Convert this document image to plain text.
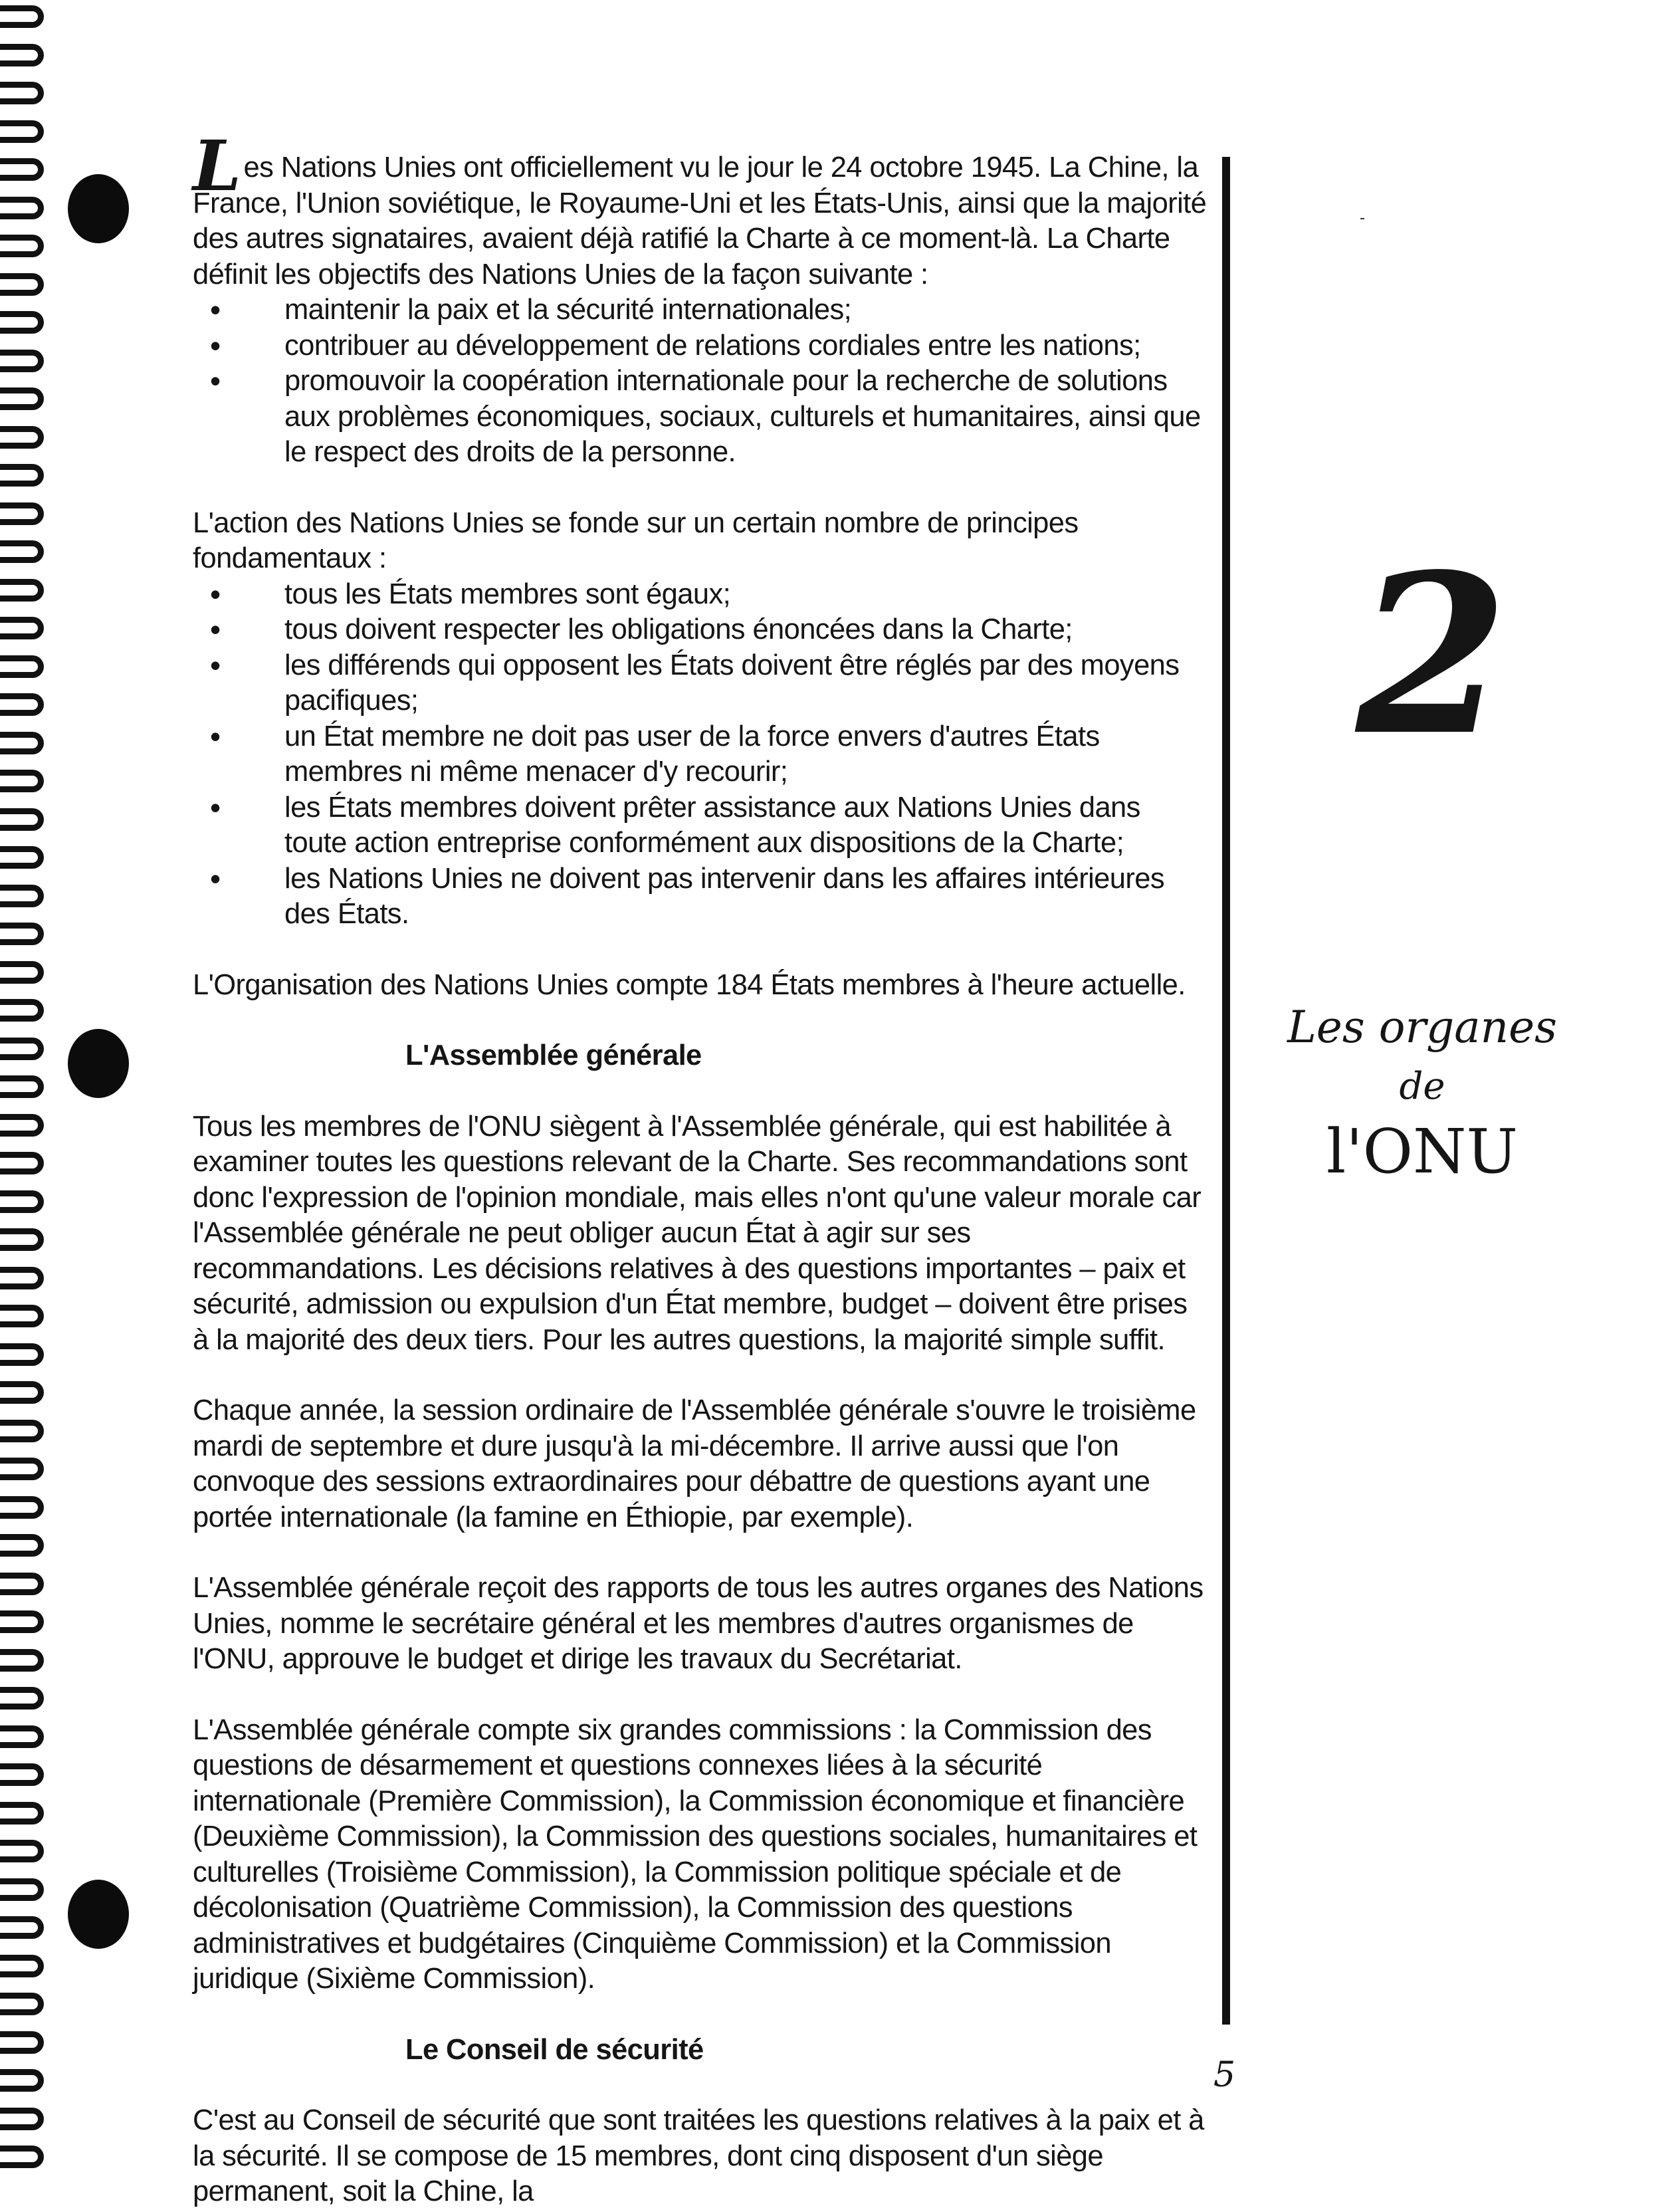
Les Nations Unies ont officiellement vu le jour le 24 octobre 1945. La Chine, la France, l'Union soviétique, le Royaume-Uni et les États-Unis, ainsi que la majorité des autres signataires, avaient déjà ratifié la Charte à ce moment-là. La Charte définit les objectifs des Nations Unies de la façon suivante :

• maintenir la paix et la sécurité internationales;
• contribuer au développement de relations cordiales entre les nations;
• promouvoir la coopération internationale pour la recherche de solutions aux problèmes économiques, sociaux, culturels et humanitaires, ainsi que le respect des droits de la personne.

L'action des Nations Unies se fonde sur un certain nombre de principes fondamentaux :

• tous les États membres sont égaux;
• tous doivent respecter les obligations énoncées dans la Charte;
• les différends qui opposent les États doivent être réglés par des moyens pacifiques;
• un État membre ne doit pas user de la force envers d'autres États membres ni même menacer d'y recourir;
• les États membres doivent prêter assistance aux Nations Unies dans toute action entreprise conformément aux dispositions de la Charte;
• les Nations Unies ne doivent pas intervenir dans les affaires intérieures des États.

L'Organisation des Nations Unies compte 184 États membres à l'heure actuelle.

L'Assemblée générale

Tous les membres de l'ONU siègent à l'Assemblée générale, qui est habilitée à examiner toutes les questions relevant de la Charte. Ses recommandations sont donc l'expression de l'opinion mondiale, mais elles n'ont qu'une valeur morale car l'Assemblée générale ne peut obliger aucun État à agir sur ses recommandations. Les décisions relatives à des questions importantes – paix et sécurité, admission ou expulsion d'un État membre, budget – doivent être prises à la majorité des deux tiers. Pour les autres questions, la majorité simple suffit.

Chaque année, la session ordinaire de l'Assemblée générale s'ouvre le troisième mardi de septembre et dure jusqu'à la mi-décembre. Il arrive aussi que l'on convoque des sessions extraordinaires pour débattre de questions ayant une portée internationale (la famine en Éthiopie, par exemple).

L'Assemblée générale reçoit des rapports de tous les autres organes des Nations Unies, nomme le secrétaire général et les membres d'autres organismes de l'ONU, approuve le budget et dirige les travaux du Secrétariat.

L'Assemblée générale compte six grandes commissions : la Commission des questions de désarmement et questions connexes liées à la sécurité internationale (Première Commission), la Commission économique et financière (Deuxième Commission), la Commission des questions sociales, humanitaires et culturelles (Troisième Commission), la Commission politique spéciale et de décolonisation (Quatrième Commission), la Commission des questions administratives et budgétaires (Cinquième Commission) et la Commission juridique (Sixième Commission).

Le Conseil de sécurité

C'est au Conseil de sécurité que sont traitées les questions relatives à la paix et à la sécurité. Il se compose de 15 membres, dont cinq disposent d'un siège permanent, soit la Chine, la

2
Les organes
de
l'ONU
5
